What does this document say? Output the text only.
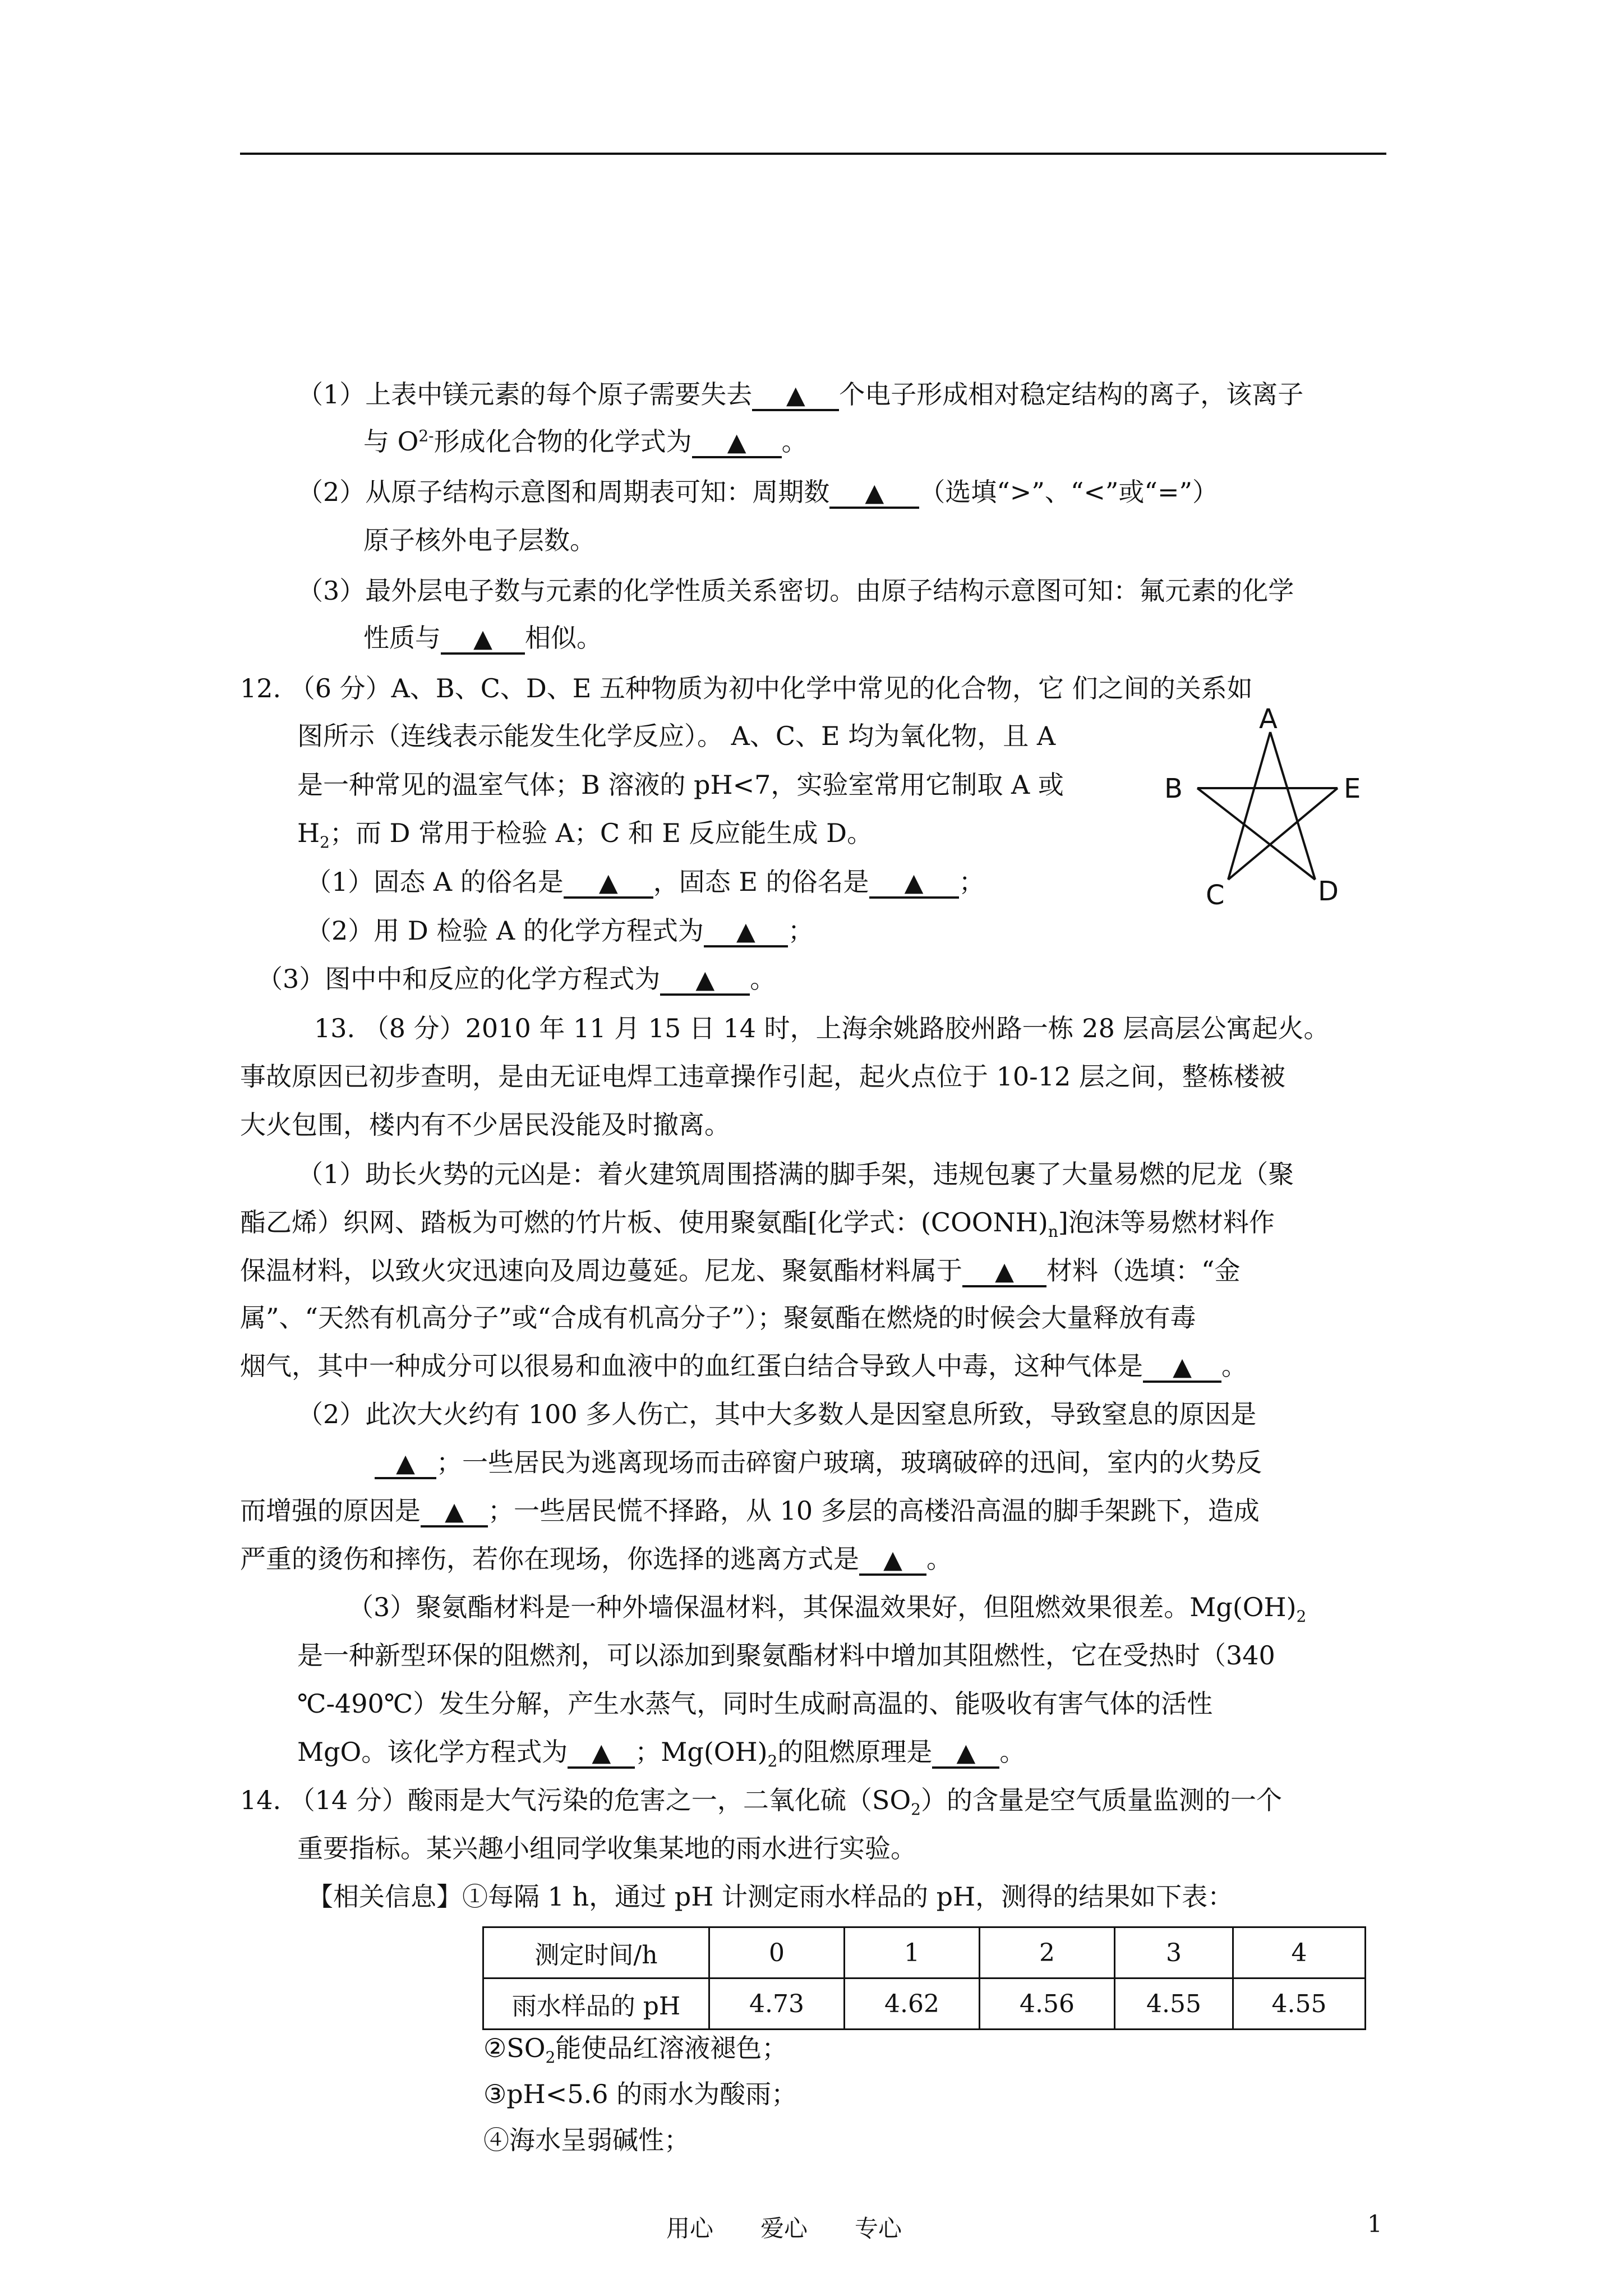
（1）上表中镁元素的每个原子需要失去 ▲ 个电子形成相对稳定结构的离子，该离子
与 $O^{2-}$形成化合物的化学式为 ▲ 。
（2）从原子结构示意图和周期表可知：周期数 ▲ （选填“>”、“<”或“=”）
原子核外电子层数。
（3）最外层电子数与元素的化学性质关系密切。由原子结构示意图可知：氟元素的化学
性质与 ▲ 相似。
12. （6 分）A、B、C、D、E 五种物质为初中化学中常见的化合物，它 们之间的关系如
图所示（连线表示能发生化学反应）。 A、C、E 均为氧化物，且 A
是一种常见的温室气体；B 溶液的 pH<7，实验室常用它制取 A 或
$H_2$；而 D 常用于检验 A；C 和 E 反应能生成 D。
（1）固态 A 的俗名是 ▲ ，固态 E 的俗名是 ▲ ；
（2）用 D 检验 A 的化学方程式为 ▲ ；
（3）图中中和反应的化学方程式为 ▲ 。
A
B	E
C	D
13. （8 分）2010 年 11 月 15 日 14 时，上海余姚路胶州路一栋 28 层高层公寓起火。
事故原因已初步查明，是由无证电焊工违章操作引起，起火点位于 10-12 层之间，整栋楼被
大火包围，楼内有不少居民没能及时撤离。
（1）助长火势的元凶是：着火建筑周围搭满的脚手架，违规包裹了大量易燃的尼龙（聚
酯乙烯）织网、踏板为可燃的竹片板、使用聚氨酯[化学式：$(COONH)_n$]泡沫等易燃材料作
保温材料，以致火灾迅速向及周边蔓延。尼龙、聚氨酯材料属于 ▲ 材料（选填：“金
属”、“天然有机高分子”或“合成有机高分子”）；聚氨酯在燃烧的时候会大量释放有毒
烟气，其中一种成分可以很易和血液中的血红蛋白结合导致人中毒，这种气体是 ▲ 。
（2）此次大火约有 100 多人伤亡，其中大多数人是因窒息所致，导致窒息的原因是
▲ ；一些居民为逃离现场而击碎窗户玻璃，玻璃破碎的迅间，室内的火势反
而增强的原因是 ▲ ；一些居民慌不择路，从 10 多层的高楼沿高温的脚手架跳下，造成
严重的烫伤和摔伤，若你在现场，你选择的逃离方式是 ▲ 。
（3）聚氨酯材料是一种外墙保温材料，其保温效果好，但阻燃效果很差。$Mg(OH)_2$
是一种新型环保的阻燃剂，可以添加到聚氨酯材料中增加其阻燃性，它在受热时（340
℃-490℃）发生分解，产生水蒸气，同时生成耐高温的、能吸收有害气体的活性
MgO。该化学方程式为 ▲ ；$Mg(OH)_2$的阻燃原理是 ▲ 。
14. （14 分）酸雨是大气污染的危害之一，二氧化硫$(SO_2)$的含量是空气质量监测的一个
重要指标。某兴趣小组同学收集某地的雨水进行实验。
【相关信息】①每隔 1 h，通过 pH 计测定雨水样品的 pH，测得的结果如下表：
测定时间/h	0	1	2	3	4
雨水样品的 pH	4.73	4.62	4.56	4.55	4.55
$②SO_2$能使品红溶液褪色；
③pH<5.6 的雨水为酸雨；
④海水呈弱碱性；
用心　　爱心　　专心	1
